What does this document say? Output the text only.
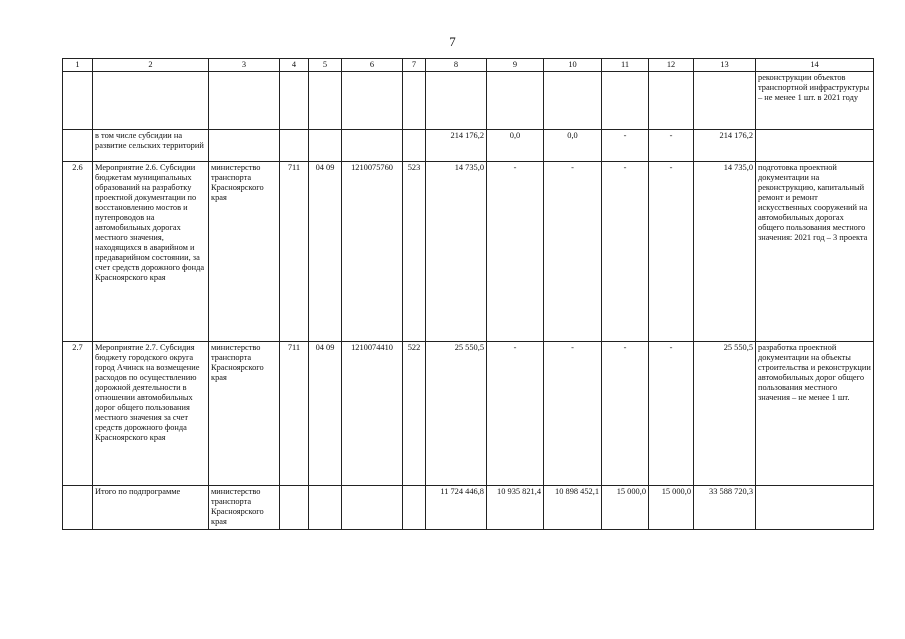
7
1	2	3	4	5	6	7	8	9	10	11	12	13	14
													реконструкции объектов транспортной инфраструктуры – не менее 1 шт. в 2021 году
	в том числе субсидии на развитие сельских территорий						214 176,2	0,0	0,0	-	-	214 176,2	
2.6	Мероприятие 2.6. Субсидии бюджетам муниципальных образований на разработку проектной документации по восстановлению мостов и путепроводов на автомобильных дорогах местного значения, находящихся в аварийном и предаварийном состоянии, за счет средств дорожного фонда Красноярского края	министерство транспорта Красноярского края	711	04 09	1210075760	523	14 735,0	-	-	-	-	14 735,0	подготовка проектной документации на реконструкцию, капитальный ремонт и ремонт искусственных сооружений на автомобильных дорогах общего пользования местного значения: 2021 год – 3 проекта
2.7	Мероприятие 2.7. Субсидия бюджету городского округа город Ачинск на возмещение расходов по осуществлению дорожной деятельности в отношении автомобильных дорог общего пользования местного значения за счет средств дорожного фонда Красноярского края	министерство транспорта Красноярского края	711	04 09	1210074410	522	25 550,5	-	-	-	-	25 550,5	разработка проектной документации на объекты строительства и реконструкции автомобильных дорог общего пользования местного значения – не менее 1 шт.
	Итого по подпрограмме	министерство транспорта Красноярского края					11 724 446,8	10 935 821,4	10 898 452,1	15 000,0	15 000,0	33 588 720,3	
